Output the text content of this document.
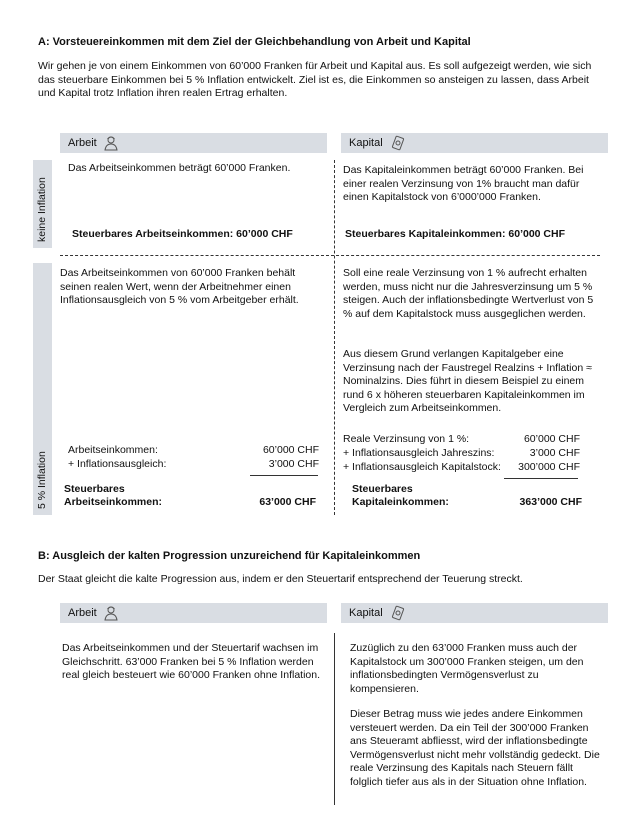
A: Vorsteuereinkommen mit dem Ziel der Gleichbehandlung von Arbeit und Kapital
Wir gehen je von einem Einkommen von 60’000 Franken für Arbeit und Kapital aus. Es soll aufgezeigt werden, wie sich das steuerbare Einkommen bei 5 % Inflation entwickelt. Ziel ist es, die Einkommen so ansteigen zu lassen, dass Arbeit und Kapital trotz Inflation ihren realen Ertrag erhalten.
Arbeit	Kapital
keine Inflation
5 % Inflation
Das Arbeitseinkommen beträgt 60’000 Franken.	Das Kapitaleinkommen beträgt 60’000 Franken. Bei einer realen Verzinsung von 1% braucht man dafür einen Kapitalstock von 6’000’000 Franken.
Steuerbares Arbeitseinkommen: 60’000 CHF	Steuerbares Kapitaleinkommen: 60’000 CHF
Das Arbeitseinkommen von 60’000 Franken behält seinen realen Wert, wenn der Arbeitnehmer einen Inflationsausgleich von 5 % vom Arbeitgeber erhält.
Soll eine reale Verzinsung von 1 % aufrecht erhalten werden, muss nicht nur die Jahresverzinsung um 5 % steigen. Auch der inflationsbedingte Wertverlust von 5 % auf dem Kapitalstock muss ausgeglichen werden.
Aus diesem Grund verlangen Kapitalgeber eine Verzinsung nach der Faustregel Realzins + Inflation ≈ Nominalzins. Dies führt in diesem Beispiel zu einem rund 6 x höheren steuerbaren Kapitaleinkommen im Vergleich zum Arbeitseinkommen.
Arbeitseinkommen:	60’000 CHF
+ Inflationsausgleich:	3’000 CHF
Reale Verzinsung von 1 %:	60’000 CHF
+ Inflationsausgleich Jahreszins:	3’000 CHF
+ Inflationsausgleich Kapitalstock: 300’000 CHF
Steuerbares
Arbeitseinkommen:	63’000 CHF
Steuerbares
Kapitaleinkommen:	363’000 CHF
B: Ausgleich der kalten Progression unzureichend für Kapitaleinkommen
Der Staat gleicht die kalte Progression aus, indem er den Steuertarif entsprechend der Teuerung streckt.
Arbeit	Kapital
Das Arbeitseinkommen und der Steuertarif wachsen im Gleichschritt. 63’000 Franken bei 5 % Inflation werden real gleich besteuert wie 60’000 Franken ohne Inflation.
Zuzüglich zu den 63’000 Franken muss auch der Kapitalstock um 300’000 Franken steigen, um den inflationsbedingten Vermögensverlust zu kompensieren.
Dieser Betrag muss wie jedes andere Einkommen versteuert werden. Da ein Teil der 300’000 Franken ans Steueramt abfliesst, wird der inflationsbedingte Vermögensverlust nicht mehr vollständig gedeckt. Die reale Verzinsung des Kapitals nach Steuern fällt folglich tiefer aus als in der Situation ohne Inflation.
